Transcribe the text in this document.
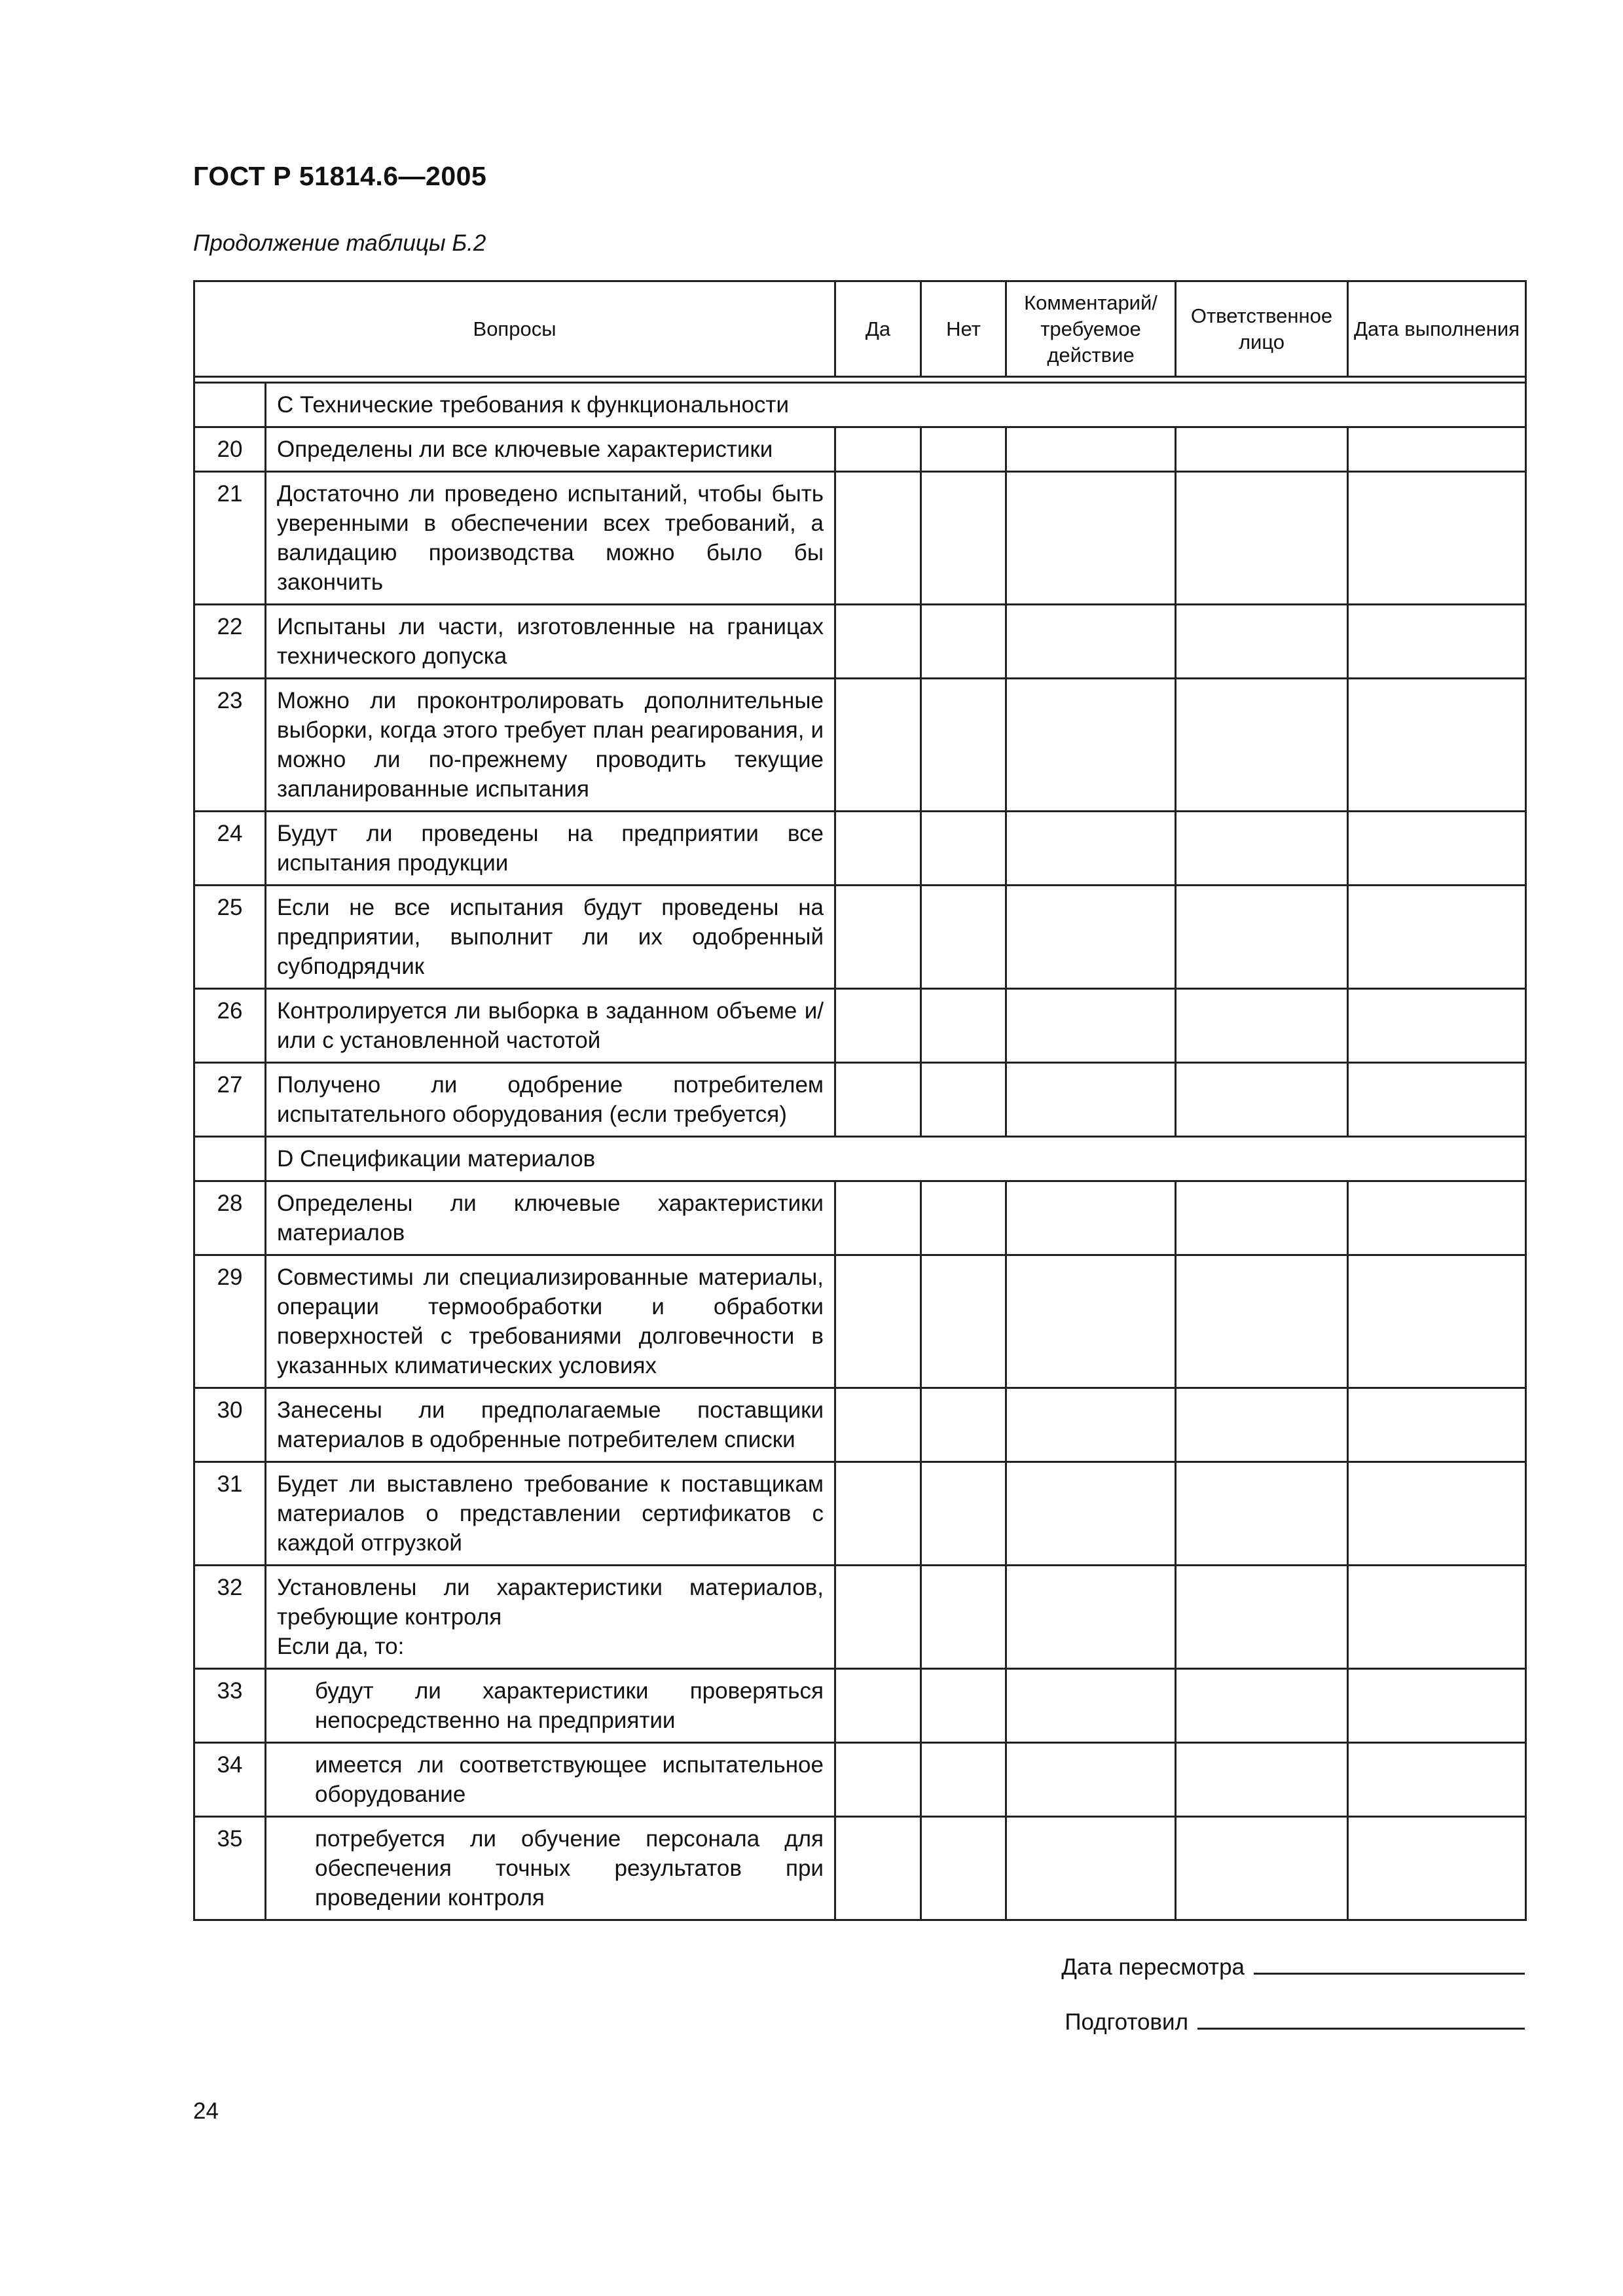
ГОСТ Р 51814.6—2005
Продолжение таблицы Б.2
Вопросы		Да	Нет	Комментарий/ требуемое действие	Ответственное лицо	Дата выполнения

	С Технические требования к функциональности					
20	Определены ли все ключевые характеристики					
21	Достаточно ли проведено испытаний, чтобы быть уверенными в обеспечении всех требований, а валидацию производства можно было бы закончить					
22	Испытаны ли части, изготовленные на границах технического допуска					
23	Можно ли проконтролировать дополнительные выборки, когда этого требует план реагирования, и можно ли по-прежнему проводить текущие запланированные испытания					
24	Будут ли проведены на предприятии все испытания продукции					
25	Если не все испытания будут проведены на предприятии, выполнит ли их одобренный субподрядчик					
26	Контролируется ли выборка в заданном объеме и/или с установленной частотой					
27	Получено ли одобрение потребителем испытательного оборудования (если требуется)					
	D Спецификации материалов					
28	Определены ли ключевые характеристики материалов					
29	Совместимы ли специализированные материалы, операции термообработки и обработки поверхностей с требованиями долговечности в указанных климатических условиях					
30	Занесены ли предполагаемые поставщики материалов в одобренные потребителем списки					
31	Будет ли выставлено требование к поставщикам материалов о представлении сертификатов с каждой отгрузкой					
32	Установлены ли характеристики материалов, требующие контроля
Если да, то:					

33	будут ли характеристики проверяться непосредственно на предприятии					
34	имеется ли соответствующее испытательное оборудование					
35	потребуется ли обучение персонала для обеспечения точных результатов при проведении контроля					
Дата пересмотра
Подготовил
24
